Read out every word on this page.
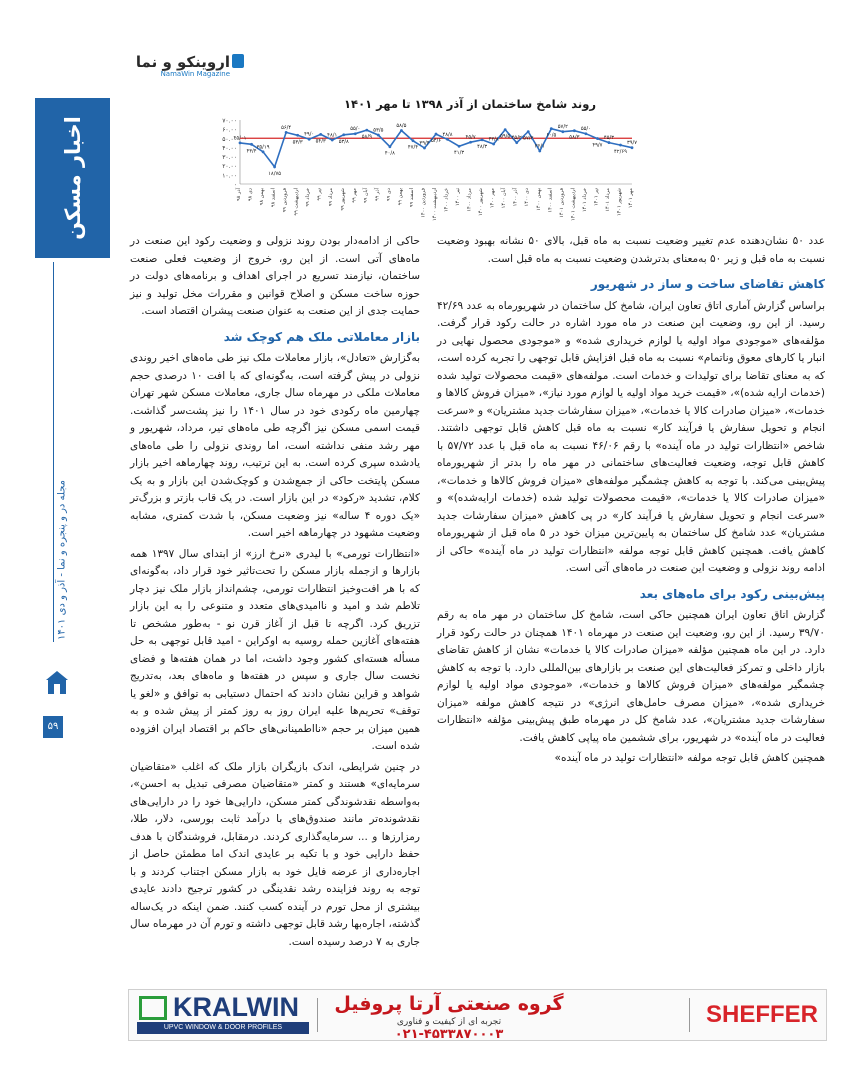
اروینکو و نما
NamaWin Magazine
اخبار مسکن
مجله در و پنجره و نما - آذر و دی ۱۴۰۱
۵۹
روند شامخ ساختمان از آذر ۱۳۹۸ تا مهر ۱۴۰۱
۰
۱۰.۰۰
۲۰.۰۰
۳۰.۰۰
۴۰.۰۰
۵۰.۰۰
۶۰.۰۰
۷۰.۰۰
۴۵/۰۱
آذر ۹۸
۴۳/۴
دی ۹۸
۳۵/۱۹
بهمن ۹۸
۱۸/۷۵
اسفند ۹۸
۵۶/۴
فروردین ۹۹
۵۳/۳
اردیبهشت ۹۹
۴۹/۰
خرداد ۹۹
۵۴/۳
تیر ۹۹
۴۸/۱
مرداد ۹۹
۵۳/۸
شهریور ۹۹
۵۵/۰
مهر ۹۹
۵۸/۹
آبان ۹۹
۵۳/۵
آذر ۹۹
۴۰/۸
دی ۹۹
۵۸/۵
بهمن ۹۹
۴۷/۴
اسفند ۹۹
۳۹/۴
فروردین ۱۴۰۰
۵۴/۶
اردیبهشت ۱۴۰۰
۴۸/۸
خرداد ۱۴۰۰
۴۱/۳
تیر ۱۴۰۰
۴۵/۷
مرداد ۱۴۰۰
۴۸/۳
شهریور ۱۴۰۰
۴۳/۸
مهر ۱۴۰۰
۵۹/۵
آبان ۱۴۰۰
۴۵/۲
آذر ۱۴۰۰
۵۷/۳
دی ۱۴۰۰
۳۶/۱
بهمن ۱۴۰۰
۶۰/۵
اسفند ۱۴۰۰
۵۷/۲
فروردین ۱۴۰۱
۵۸/۳
اردیبهشت ۱۴۰۱
۵۵/۰
خرداد ۱۴۰۱
۴۹/۷
تیر ۱۴۰۱
۴۵/۳
مرداد ۱۴۰۱
۴۲/۶۹
شهریور ۱۴۰۱
۳۹/۷
مهر ۱۴۰۱

عدد ۵۰ نشان‌دهنده عدم تغییر وضعیت نسبت به ماه قبل، بالای ۵۰ نشانه بهبود وضعیت نسبت به ماه قبل و زیر ۵۰ به‌معنای بدترشدن وضعیت نسبت به ماه قبل است.

کاهش تقاضای ساخت و ساز در شهریور

براساس گزارش آماری اتاق تعاون ایران، شامخ کل ساختمان در شهریورماه به عدد ۴۲/۶۹ رسید. از این رو، وضعیت این صنعت در ماه مورد اشاره در حالت رکود قرار گرفت. مؤلفه‌های «موجودی مواد اولیه یا لوازم خریداری شده» و «موجودی محصول نهایی در انبار یا کارهای معوق وناتمام» نسبت به ماه قبل افزایش قابل توجهی را تجربه کرده است، که به معنای تقاضا برای تولیدات و خدمات است. مولفه‌های «قیمت محصولات تولید شده (خدمات ارایه شده)»، «قیمت خرید مواد اولیه یا لوازم مورد نیاز»، «میزان فروش کالاها و خدمات»، «میزان صادرات کالا یا خدمات»، «میزان سفارشات جدید مشتریان» و «سرعت انجام و تحویل سفارش یا فرآیند کار» نسبت به ماه قبل کاهش قابل توجهی داشتند. شاخص «انتظارات تولید در ماه آینده» با رقم ۴۶/۰۶ نسبت به ماه قبل با عدد ۵۷/۷۲ با کاهش قابل توجه، وضعیت فعالیت‌های ساختمانی در مهر ماه را بدتر از شهریورماه پیش‌بینی می‌کند. با توجه به کاهش چشمگیر مولفه‌های «میزان فروش کالاها و خدمات»، «میزان صادرات کالا یا خدمات»، «قیمت محصولات تولید شده (خدمات ارایه‌شده)» و «سرعت انجام و تحویل سفارش یا فرآیند کار» در پی کاهش «میزان سفارشات جدید مشتریان» عدد شامخ کل ساختمان به پایین‌ترین میزان خود در ۵ ماه قبل از شهریورماه کاهش یافت. همچنین کاهش قابل توجه مولفه «انتظارات تولید در ماه آینده» حاکی از ادامه روند نزولی و وضعیت این صنعت در ماه‌های آتی است.

پیش‌بینی رکود برای ماه‌های بعد

گزارش اتاق تعاون ایران همچنین حاکی است، شامخ کل ساختمان در مهر ماه به رقم ۳۹/۷۰ رسید. از این رو، وضعیت این صنعت در مهرماه ۱۴۰۱ همچنان در حالت رکود قرار دارد. در این ماه همچنین مؤلفه «میزان صادرات کالا یا خدمات» نشان از کاهش تقاضای بازار داخلی و تمرکز فعالیت‌های این صنعت بر بازارهای بین‌المللی دارد. با توجه به کاهش چشمگیر مولفه‌های «میزان فروش کالاها و خدمات»، «موجودی مواد اولیه یا لوازم خریداری شده»، «میزان مصرف حامل‌های انرژی» در نتیجه کاهش مولفه «میزان سفارشات جدید مشتریان»، عدد شامخ کل در مهرماه طبق پیش‌بینی مؤلفه «انتظارات فعالیت در ماه آینده» در شهریور، برای ششمین ماه پیاپی کاهش یافت.

همچنین کاهش قابل توجه مولفه «انتظارات تولید در ماه آینده»

حاکی از ادامه‌دار بودن روند نزولی و وضعیت رکود این صنعت در ماه‌های آتی است. از این رو، خروج از وضعیت فعلی صنعت ساختمان، نیازمند تسریع در اجرای اهداف و برنامه‌های دولت در حوزه ساخت مسکن و اصلاح قوانین و مقررات مخل تولید و نیز حمایت جدی از این صنعت به عنوان صنعت پیشران اقتصاد است.

بازار معاملاتی ملک هم کوچک شد

به‌گزارش «تعادل»، بازار معاملات ملک نیز طی ماه‌های اخیر روندی نزولی در پیش گرفته است، به‌گونه‌ای که با افت ۱۰ درصدی حجم معاملات ملکی در مهرماه سال جاری، معاملات مسکن شهر تهران چهارمین ماه رکودی خود در سال ۱۴۰۱ را نیز پشت‌سر گذاشت. قیمت اسمی مسکن نیز اگرچه طی ماه‌های تیر، مرداد، شهریور و مهر رشد منفی نداشته است، اما روندی نزولی را طی ماه‌های یادشده سپری کرده است. به این ترتیب، روند چهارماهه اخیر بازار مسکن پایتخت حاکی از جمع‌شدن و کوچک‌شدن این بازار و به یک کلام، تشدید «رکود» در این بازار است. در یک قاب بازتر و بزرگ‌تر «یک دوره ۴ ساله» نیز وضعیت مسکن، با شدت کمتری، مشابه وضعیت مشهود در چهارماهه اخیر است.

«انتظارات تورمی» با لیدری «نرخ ارز» از ابتدای سال ۱۳۹۷ همه بازارها و ازجمله بازار مسکن را تحت‌تاثیر خود قرار داد، به‌گونه‌ای که با هر افت‌وخیز انتظارات تورمی، چشم‌انداز بازار ملک نیز دچار تلاطم شد و امید و ناامیدی‌های متعدد و متنوعی را به این بازار تزریق کرد. اگرچه تا قبل از آغاز قرن نو - به‌طور مشخص تا هفته‌های آغازین حمله روسیه به اوکراین - امید قابل توجهی به حل مسأله هسته‌ای کشور وجود داشت، اما در همان هفته‌ها و فضای نخست سال جاری و سپس در هفته‌ها و ماه‌های بعد، به‌تدریج شواهد و قراین نشان دادند که احتمال دستیابی به توافق و «لغو یا توقف» تحریم‌ها علیه ایران روز به روز کمتر از پیش شده و به همین میزان بر حجم «نااطمینانی‌های حاکم بر اقتصاد ایران افزوده شده است.

در چنین شرایطی، اندک بازیگران بازار ملک که اغلب «متقاضیان سرمایه‌ای» هستند و کمتر «متقاضیان مصرفی تبدیل به احسن»، به‌واسطه نقدشوندگی کمتر مسکن، دارایی‌ها خود را در دارایی‌های نقدشونده‌تر مانند صندوق‌های با درآمد ثابت بورسی، دلار، طلا، رمزارزها و ... سرمایه‌گذاری کردند. درمقابل، فروشندگان با هدف حفظ دارایی خود و با تکیه بر عایدی اندک اما مطمئن حاصل از اجاره‌داری از عرضه فایل خود به بازار مسکن اجتناب کردند و با توجه به روند فزاینده رشد نقدینگی در کشور ترجیح دادند عایدی بیشتری از محل تورم در آینده کسب کنند. ضمن اینکه در یک‌ساله گذشته، اجاره‌بها رشد قابل توجهی داشته و تورم آن در مهرماه سال جاری به ۷ درصد رسیده است.

KRALWIN
UPVC WINDOW & DOOR PROFILES
گروه صنعتی آرتا پروفیل
تجربه ای از کیفیت و فناوری
۰۲۱-۴۵۳۳۸۷۰۰۰۳
SHEFFER
